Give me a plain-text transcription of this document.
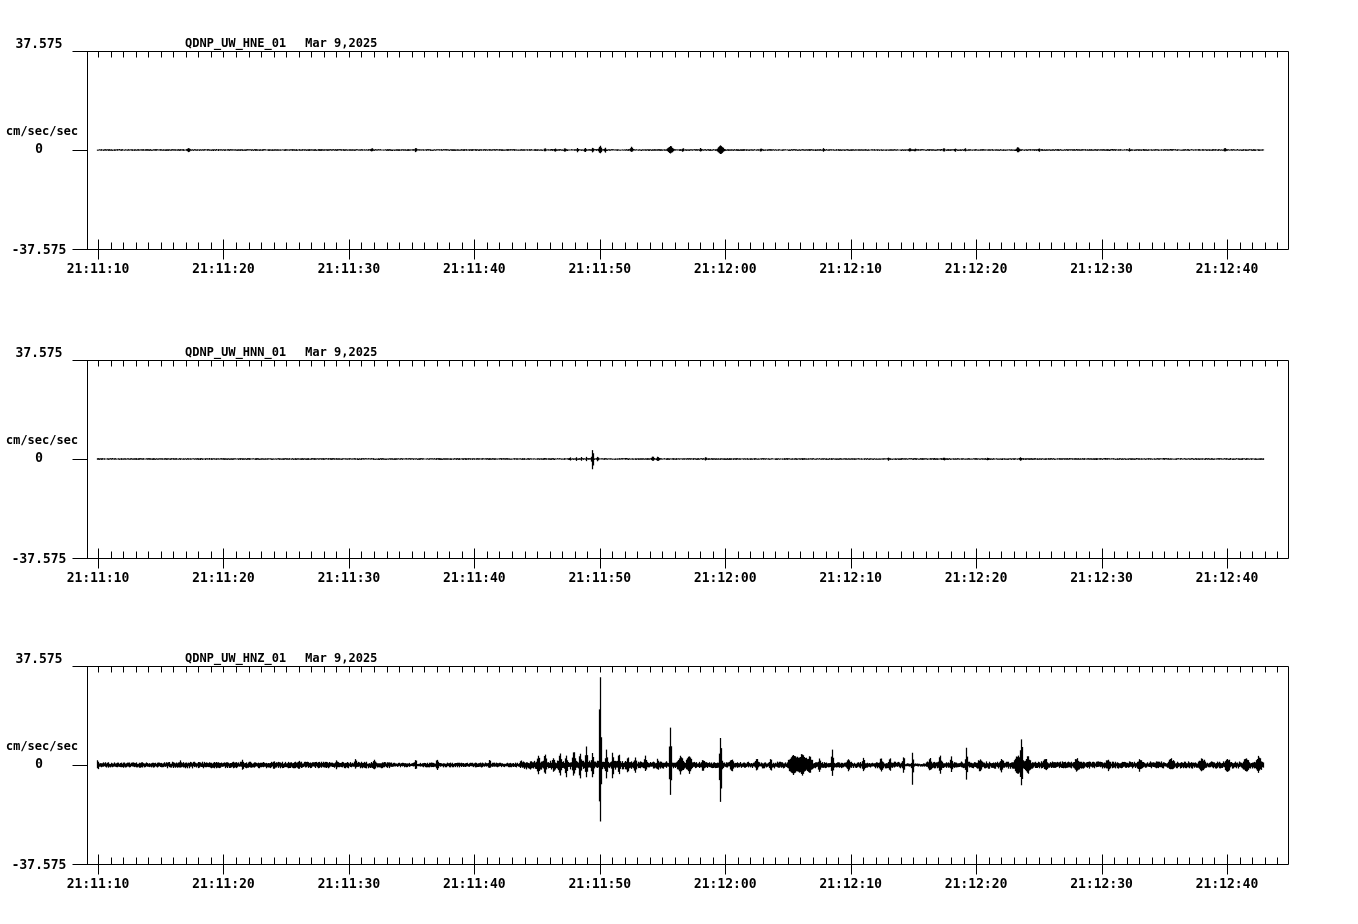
QDNP_UW_HNE_01 Mar 9,2025
37.575
cm/sec/sec
0
-37.575
21:11:10	21:11:20	21:11:30	21:11:40	21:11:50	21:12:00	21:12:10	21:12:20	21:12:30	21:12:40
QDNP_UW_HNN_01 Mar 9,2025
37.575
cm/sec/sec
0
-37.575
21:11:10	21:11:20	21:11:30	21:11:40	21:11:50	21:12:00	21:12:10	21:12:20	21:12:30	21:12:40
QDNP_UW_HNZ_01 Mar 9,2025
37.575
cm/sec/sec
0
-37.575
21:11:10	21:11:20	21:11:30	21:11:40	21:11:50	21:12:00	21:12:10	21:12:20	21:12:30	21:12:40
